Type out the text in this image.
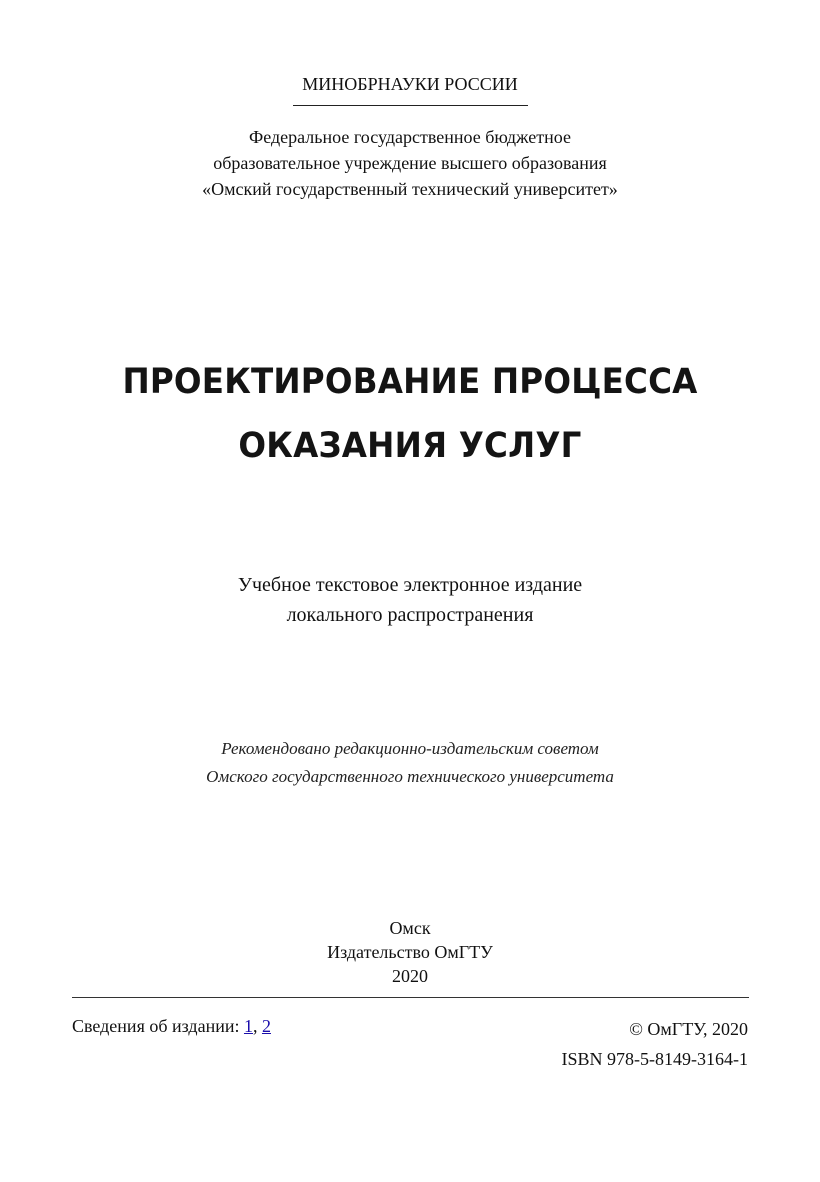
МИНОБРНАУКИ РОССИИ
Федеральное государственное бюджетное
образовательное учреждение высшего образования
«Омский государственный технический университет»
ПРОЕКТИРОВАНИЕ ПРОЦЕССА
ОКАЗАНИЯ УСЛУГ
Учебное текстовое электронное издание
локального распространения
Рекомендовано редакционно-издательским советом
Омского государственного технического университета
Омск
Издательство ОмГТУ
2020
Сведения об издании: 1, 2	© ОмГТУ, 2020
ISBN 978-5-8149-3164-1
